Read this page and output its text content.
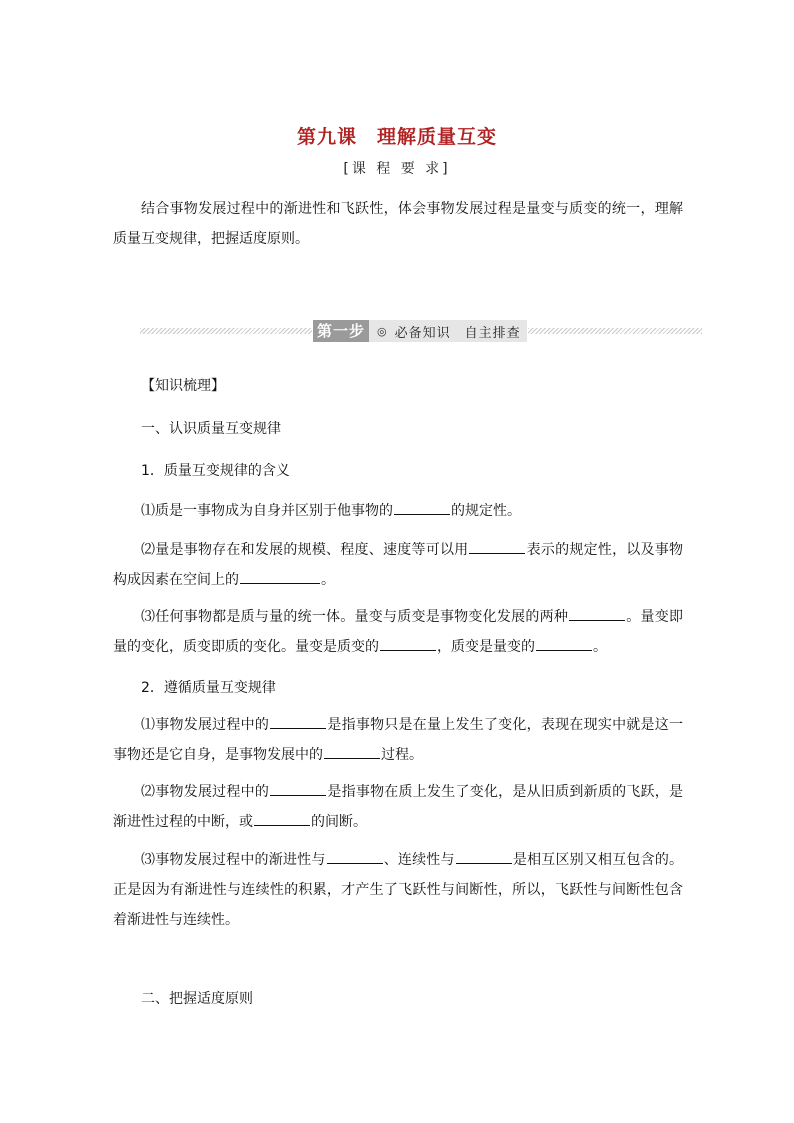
第九课　理解质量互变
[课 程 要 求]
结合事物发展过程中的渐进性和飞跃性，体会事物发展过程是量变与质变的统一，理解质量互变规律，把握适度原则。
第一步	◎ 必备知识　自主排查
【知识梳理】
一、认识质量互变规律
1．质量互变规律的含义
⑴质是一事物成为自身并区别于他事物的	的规定性。
⑵量是事物存在和发展的规模、程度、速度等可以用	表示的规定性，以及事物构成因素在空间上的	。
⑶任何事物都是质与量的统一体。量变与质变是事物变化发展的两种	。量变即量的变化，质变即质的变化。量变是质变的	，质变是量变的	。
2．遵循质量互变规律
⑴事物发展过程中的	是指事物只是在量上发生了变化，表现在现实中就是这一事物还是它自身，是事物发展中的	过程。
⑵事物发展过程中的	是指事物在质上发生了变化，是从旧质到新质的飞跃，是渐进性过程的中断，或	的间断。
⑶事物发展过程中的渐进性与	、连续性与	是相互区别又相互包含的。正是因为有渐进性与连续性的积累，才产生了飞跃性与间断性，所以，飞跃性与间断性包含着渐进性与连续性。
二、把握适度原则
